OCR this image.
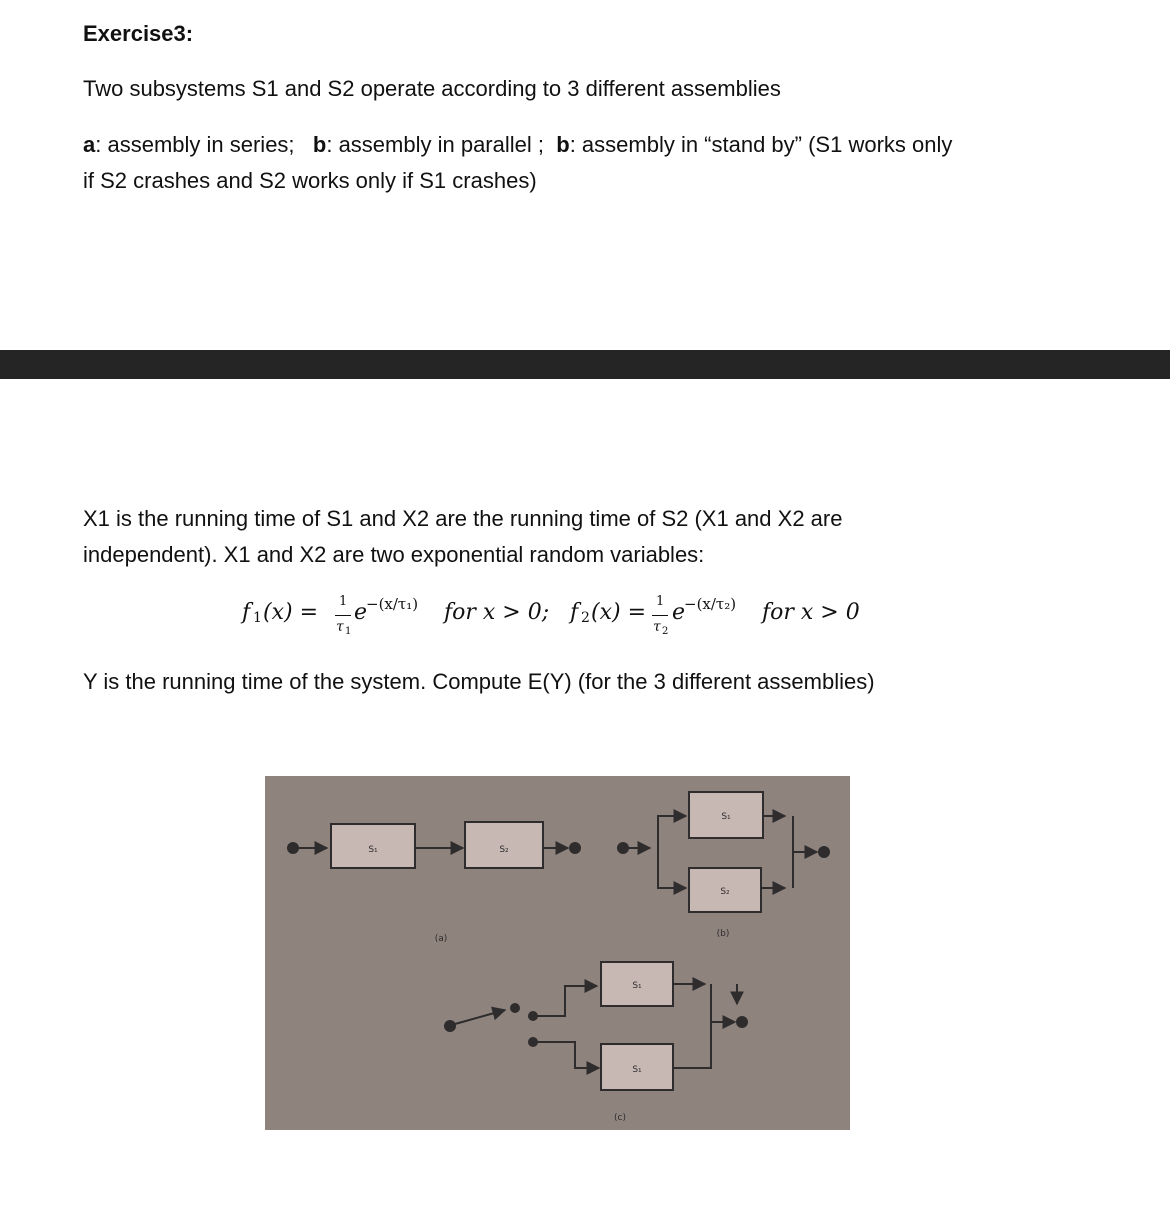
Exercise3:
Two subsystems S1 and S2 operate according to 3 different assemblies
a: assembly in series; b: assembly in parallel ; b: assembly in “stand by” (S1 works only
if S2 crashes and S2 works only if S1 crashes)
X1 is the running time of S1 and X2 are the running time of S2 (X1 and X2 are
independent). X1 and X2 are two exponential random variables:
f 1 (x) = 1
τ 1
e
−(x/τ₁) for x > 0; f 2 (x) = 1
τ 2
e
−(x/τ₂) for x > 0
Y is the running time of the system. Compute E(Y) (for the 3 different assemblies)
S₁	S₂
S₁
S₂
S₁
S₁
(a)	(b)
(c)
